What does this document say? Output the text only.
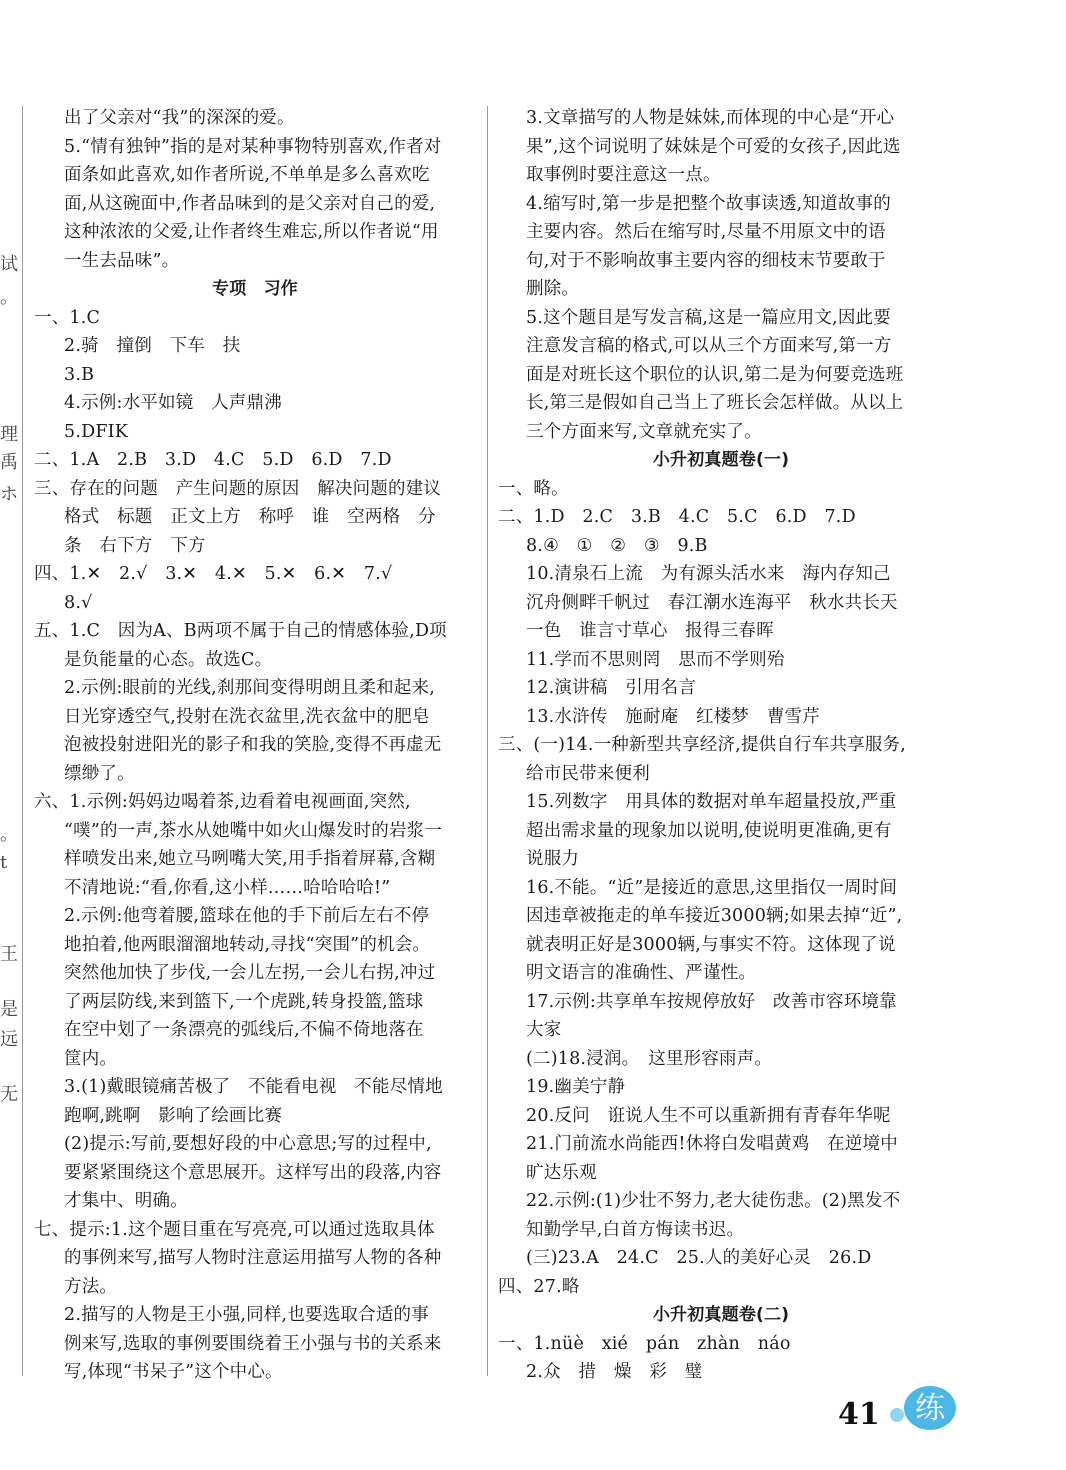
试
。
理
禹
ホ
。
t
王
是
远
无
出了父亲对“我”的深深的爱。
5.“情有独钟”指的是对某种事物特别喜欢,作者对
面条如此喜欢,如作者所说,不单单是多么喜欢吃
面,从这碗面中,作者品味到的是父亲对自己的爱,
这种浓浓的父爱,让作者终生难忘,所以作者说“用
一生去品味”。
专项　习作
一、1.C
2.骑　撞倒　下车　扶
3.B
4.示例:水平如镜　人声鼎沸
5.DFIK
二、1.A　2.B　3.D　4.C　5.D　6.D　7.D
三、存在的问题　产生问题的原因　解决问题的建议
格式　标题　正文上方　称呼　谁　空两格　分
条　右下方　下方
四、1.✕　2.√　3.✕　4.✕　5.✕　6.✕　7.√
8.√
五、1.C　因为A、B两项不属于自己的情感体验,D项
是负能量的心态。故选C。
2.示例:眼前的光线,刹那间变得明朗且柔和起来,
日光穿透空气,投射在洗衣盆里,洗衣盆中的肥皂
泡被投射进阳光的影子和我的笑脸,变得不再虚无
缥缈了。
六、1.示例:妈妈边喝着茶,边看着电视画面,突然,
“噗”的一声,茶水从她嘴中如火山爆发时的岩浆一
样喷发出来,她立马咧嘴大笑,用手指着屏幕,含糊
不清地说:“看,你看,这小样……哈哈哈哈!”
2.示例:他弯着腰,篮球在他的手下前后左右不停
地拍着,他两眼溜溜地转动,寻找“突围”的机会。
突然他加快了步伐,一会儿左拐,一会儿右拐,冲过
了两层防线,来到篮下,一个虎跳,转身投篮,篮球
在空中划了一条漂亮的弧线后,不偏不倚地落在
筐内。
3.(1)戴眼镜痛苦极了　不能看电视　不能尽情地
跑啊,跳啊　影响了绘画比赛
(2)提示:写前,要想好段的中心意思;写的过程中,
要紧紧围绕这个意思展开。这样写出的段落,内容
才集中、明确。
七、提示:1.这个题目重在写亮亮,可以通过选取具体
的事例来写,描写人物时注意运用描写人物的各种
方法。
2.描写的人物是王小强,同样,也要选取合适的事
例来写,选取的事例要围绕着王小强与书的关系来
写,体现“书呆子”这个中心。
3.文章描写的人物是妹妹,而体现的中心是“开心
果”,这个词说明了妹妹是个可爱的女孩子,因此选
取事例时要注意这一点。
4.缩写时,第一步是把整个故事读透,知道故事的
主要内容。然后在缩写时,尽量不用原文中的语
句,对于不影响故事主要内容的细枝末节要敢于
删除。
5.这个题目是写发言稿,这是一篇应用文,因此要
注意发言稿的格式,可以从三个方面来写,第一方
面是对班长这个职位的认识,第二是为何要竞选班
长,第三是假如自己当上了班长会怎样做。从以上
三个方面来写,文章就充实了。
小升初真题卷(一)
一、略。
二、1.D　2.C　3.B　4.C　5.C　6.D　7.D
8.④　①　②　③　9.B
10.清泉石上流　为有源头活水来　海内存知己
沉舟侧畔千帆过　春江潮水连海平　秋水共长天
一色　谁言寸草心　报得三春晖
11.学而不思则罔　思而不学则殆
12.演讲稿　引用名言
13.水浒传　施耐庵　红楼梦　曹雪芹
三、(一)14.一种新型共享经济,提供自行车共享服务,
给市民带来便利
15.列数字　用具体的数据对单车超量投放,严重
超出需求量的现象加以说明,使说明更准确,更有
说服力
16.不能。“近”是接近的意思,这里指仅一周时间
因违章被拖走的单车接近3000辆;如果去掉“近”,
就表明正好是3000辆,与事实不符。这体现了说
明文语言的准确性、严谨性。
17.示例:共享单车按规停放好　改善市容环境靠
大家
(二)18.浸润。　这里形容雨声。
19.幽美宁静
20.反问　诳说人生不可以重新拥有青春年华呢
21.门前流水尚能西!休将白发唱黄鸡　在逆境中
旷达乐观
22.示例:(1)少壮不努力,老大徒伤悲。(2)黑发不
知勤学早,白首方悔读书迟。
(三)23.A　24.C　25.人的美好心灵　26.D
四、27.略
小升初真题卷(二)
一、1.nüè　xié　pán　zhàn　náo
2.众　措　燥　彩　璧
41	练
